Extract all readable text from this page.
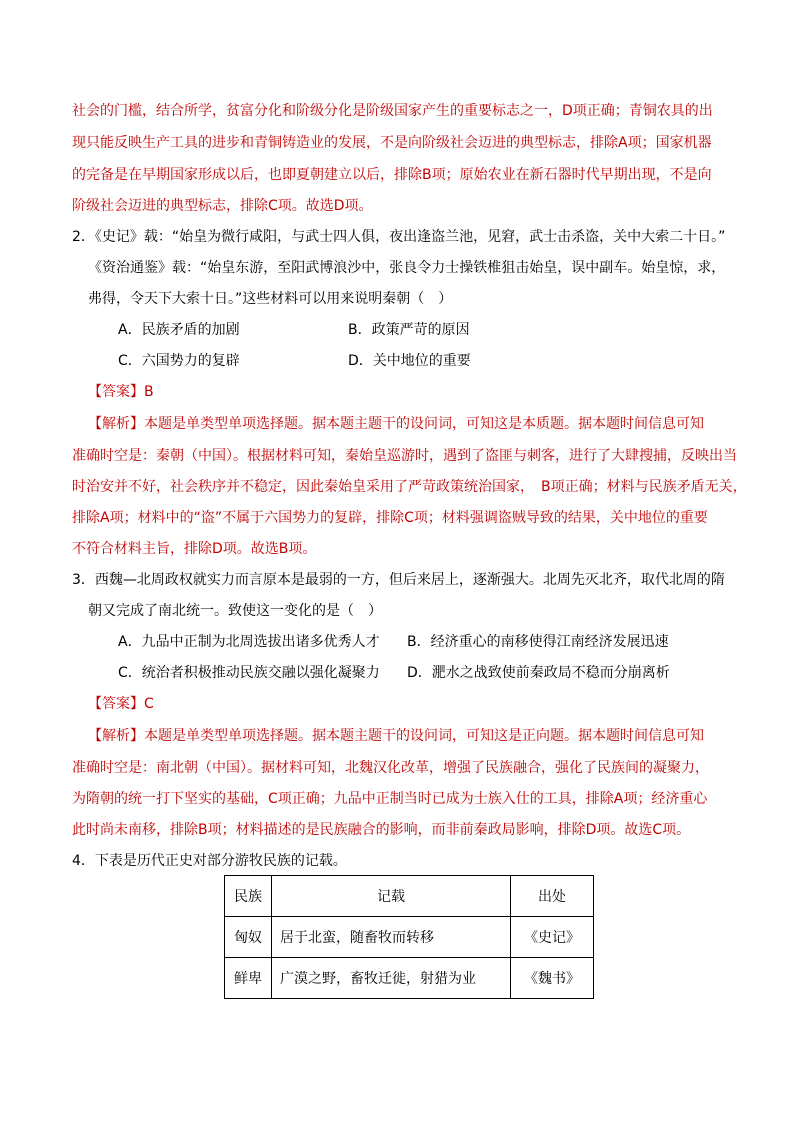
社会的门槛，结合所学，贫富分化和阶级分化是阶级国家产生的重要标志之一，D项正确；青铜农具的出
现只能反映生产工具的进步和青铜铸造业的发展，不是向阶级社会迈进的典型标志，排除A项；国家机器
的完备是在早期国家形成以后，也即夏朝建立以后，排除B项；原始农业在新石器时代早期出现，不是向
阶级社会迈进的典型标志，排除C项。故选D项。
2．《史记》载：“始皇为微行咸阳，与武士四人俱，夜出逢盗兰池，见窘，武士击杀盗，关中大索二十日。”
《资治通鉴》载：“始皇东游，至阳武博浪沙中，张良令力士操铁椎狙击始皇，误中副车。始皇惊，求，
弗得，令天下大索十日。”这些材料可以用来说明秦朝（　）
A．民族矛盾的加剧	B．政策严苛的原因
C．六国势力的复辟	D．关中地位的重要
【答案】B
【解析】本题是单类型单项选择题。据本题主题干的设问词，可知这是本质题。据本题时间信息可知
准确时空是：秦朝（中国）。根据材料可知，秦始皇巡游时，遇到了盗匪与刺客，进行了大肆搜捕，反映出当
时治安并不好，社会秩序并不稳定，因此秦始皇采用了严苛政策统治国家，　B项正确；材料与民族矛盾无关，
排除A项；材料中的“盗”不属于六国势力的复辟，排除C项；材料强调盗贼导致的结果，关中地位的重要
不符合材料主旨，排除D项。故选B项。
3．西魏—北周政权就实力而言原本是最弱的一方，但后来居上，逐渐强大。北周先灭北齐，取代北周的隋
朝又完成了南北统一。致使这一变化的是（　）
A．九品中正制为北周选拔出诸多优秀人才 B．经济重心的南移使得江南经济发展迅速
C．统治者积极推动民族交融以强化凝聚力 D．淝水之战致使前秦政局不稳而分崩离析
【答案】C
【解析】本题是单类型单项选择题。据本题主题干的设问词，可知这是正向题。据本题时间信息可知
准确时空是：南北朝（中国）。据材料可知，北魏汉化改革，增强了民族融合，强化了民族间的凝聚力，
为隋朝的统一打下坚实的基础，C项正确；九品中正制当时已成为士族入仕的工具，排除A项；经济重心
此时尚未南移，排除B项；材料描述的是民族融合的影响，而非前秦政局影响，排除D项。故选C项。
4．下表是历代正史对部分游牧民族的记载。
民族	记载	出处
匈奴	居于北蛮，随畜牧而转移	《史记》
鲜卑	广漠之野，畜牧迁徙，射猎为业	《魏书》
